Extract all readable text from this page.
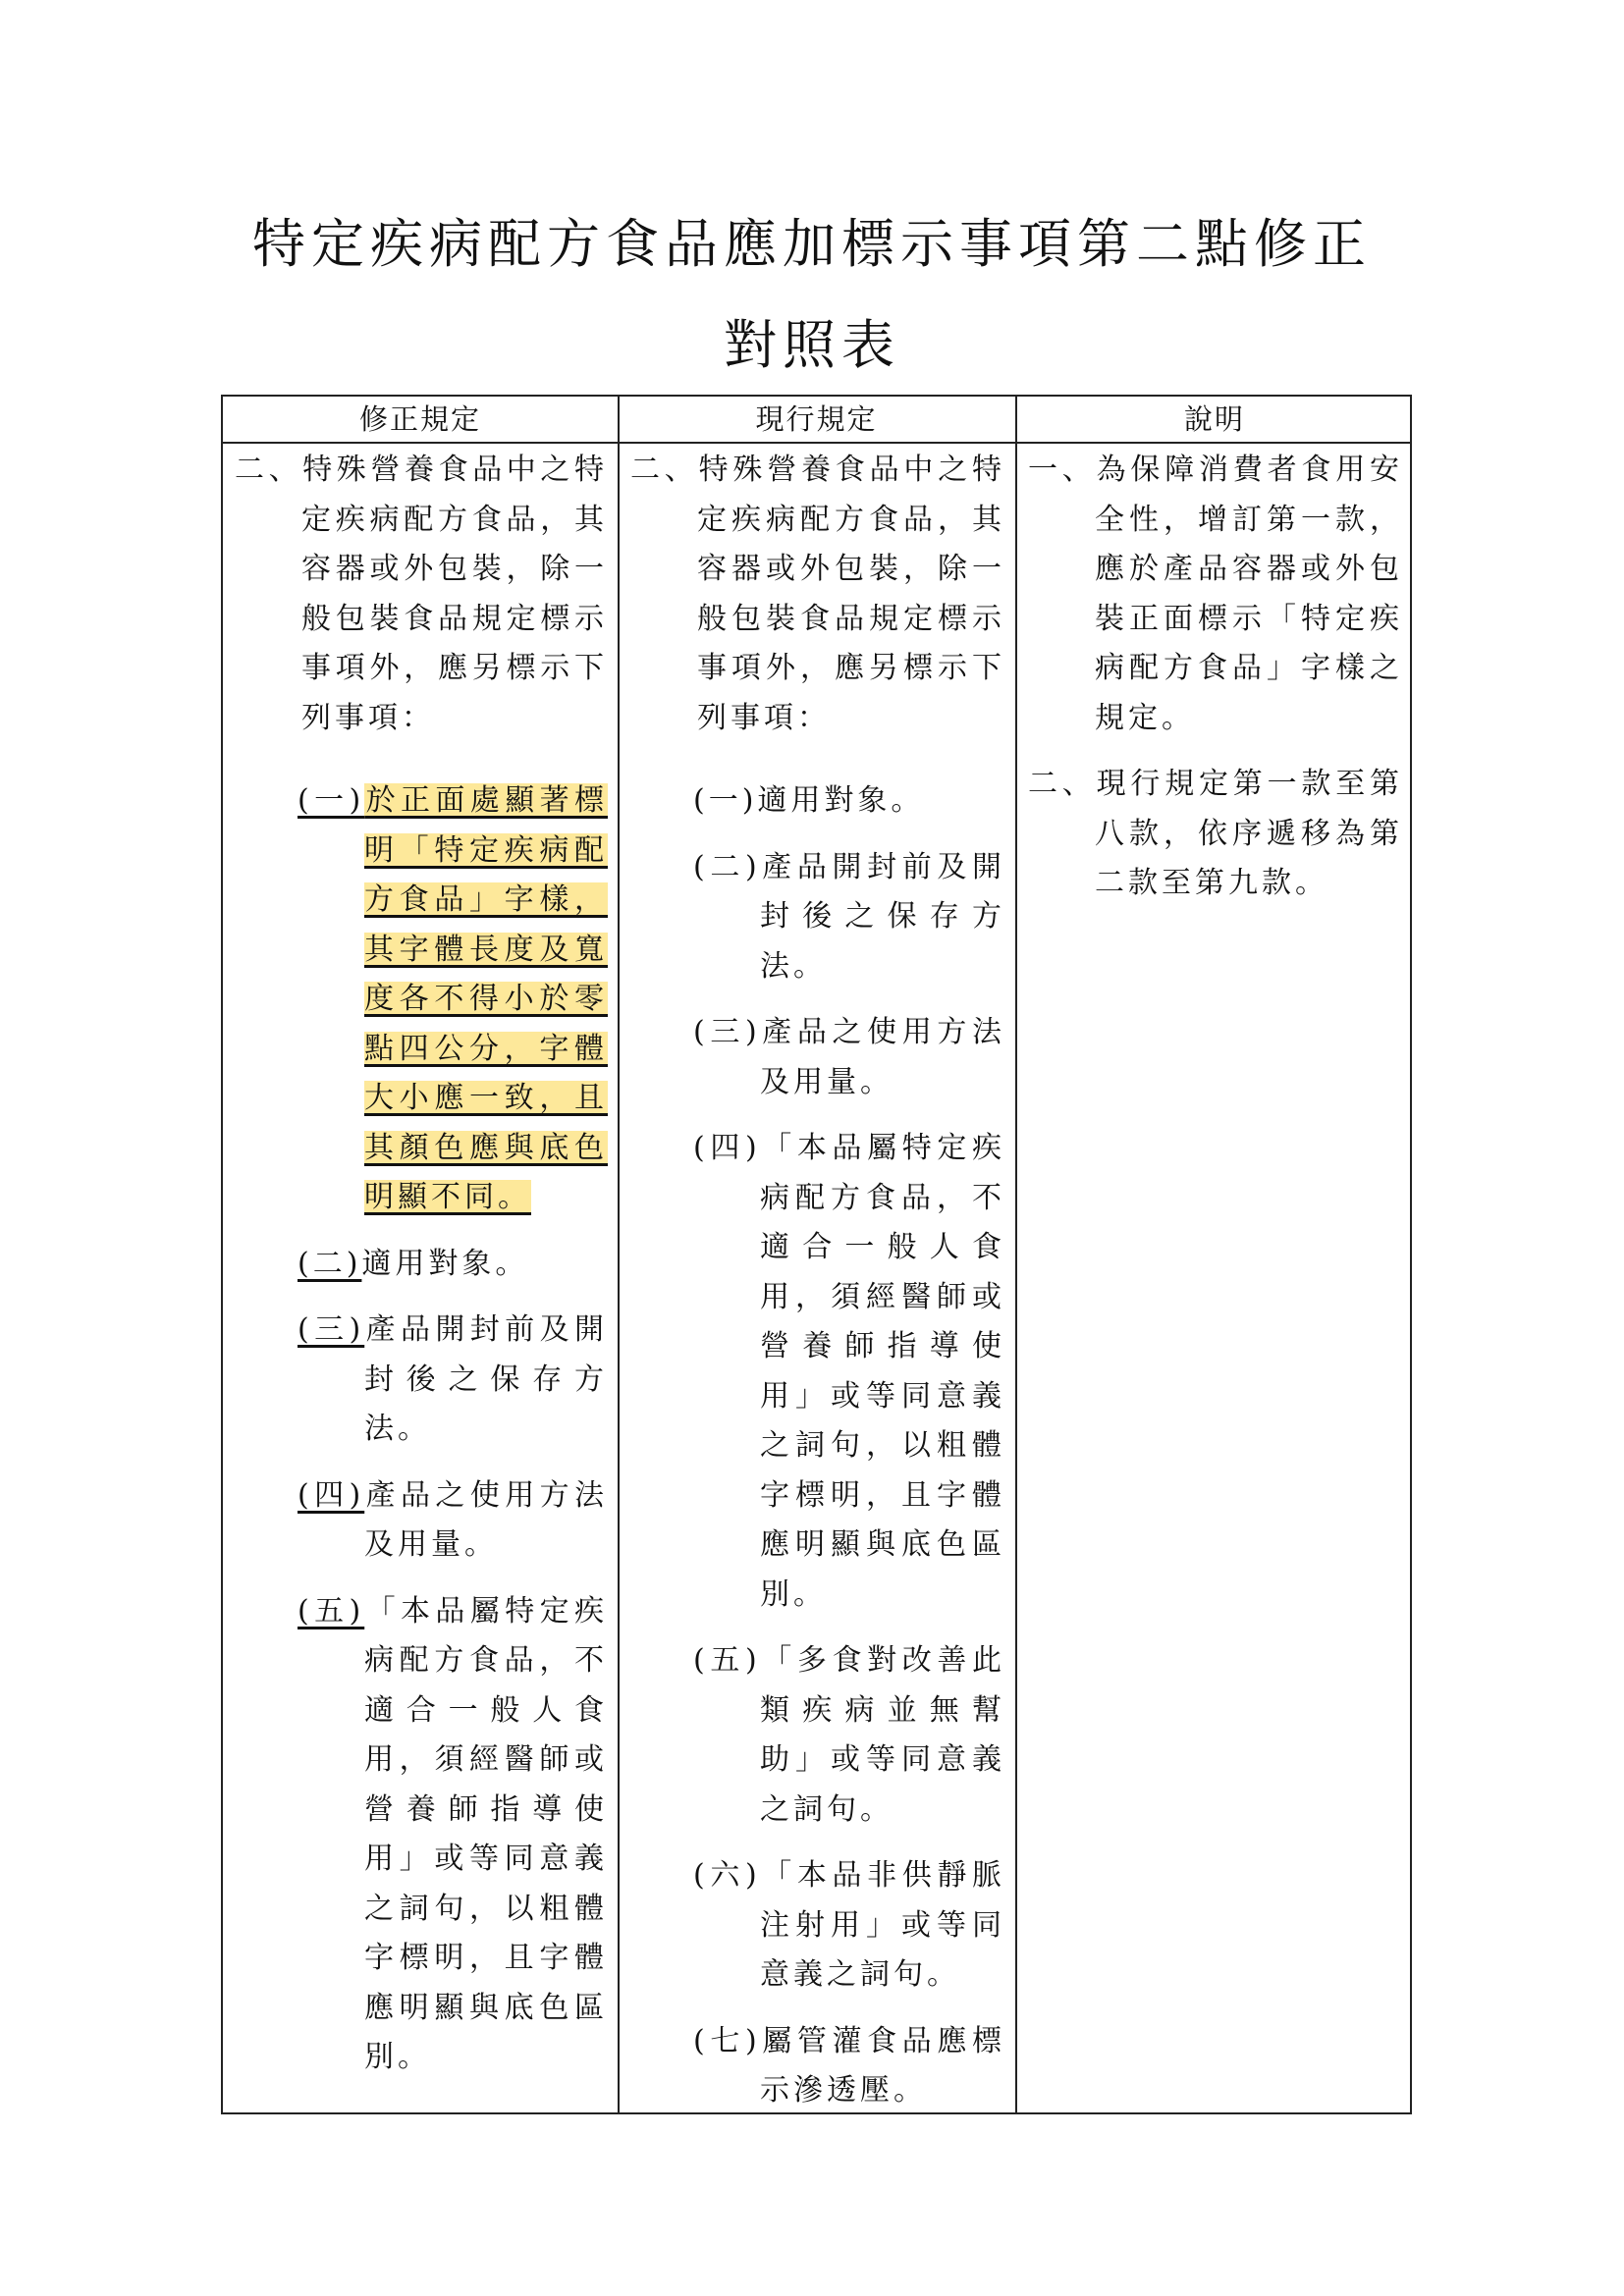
特定疾病配方食品應加標示事項第二點修正
對照表
修正規定	現行規定	說明

二、特殊營養食品中之特定疾病配方食品，其容器或外包裝，除一般包裝食品規定標示事項外，應另標示下列事項：

(一)於正面處顯著標明「特定疾病配方食品」字樣，其字體長度及寬度各不得小於零點四公分，字體大小應一致，且其顏色應與底色明顯不同。

(二)適用對象。

(三)產品開封前及開封後之保存方法。

(四)產品之使用方法及用量。

(五)「本品屬特定疾病配方食品，不適合一般人食用，須經醫師或營養師指導使用」或等同意義之詞句，以粗體字標明，且字體應明顯與底色區別。

二、特殊營養食品中之特定疾病配方食品，其容器或外包裝，除一般包裝食品規定標示事項外，應另標示下列事項：

(一)適用對象。

(二)產品開封前及開封後之保存方法。

(三)產品之使用方法及用量。

(四)「本品屬特定疾病配方食品，不適合一般人食用，須經醫師或營養師指導使用」或等同意義之詞句，以粗體字標明，且字體應明顯與底色區別。

(五)「多食對改善此類疾病並無幫助」或等同意義之詞句。

(六)「本品非供靜脈注射用」或等同意義之詞句。

(七)屬管灌食品應標示滲透壓。

一、為保障消費者食用安全性，增訂第一款，應於產品容器或外包裝正面標示「特定疾病配方食品」字樣之規定。

二、現行規定第一款至第八款，依序遞移為第二款至第九款。
